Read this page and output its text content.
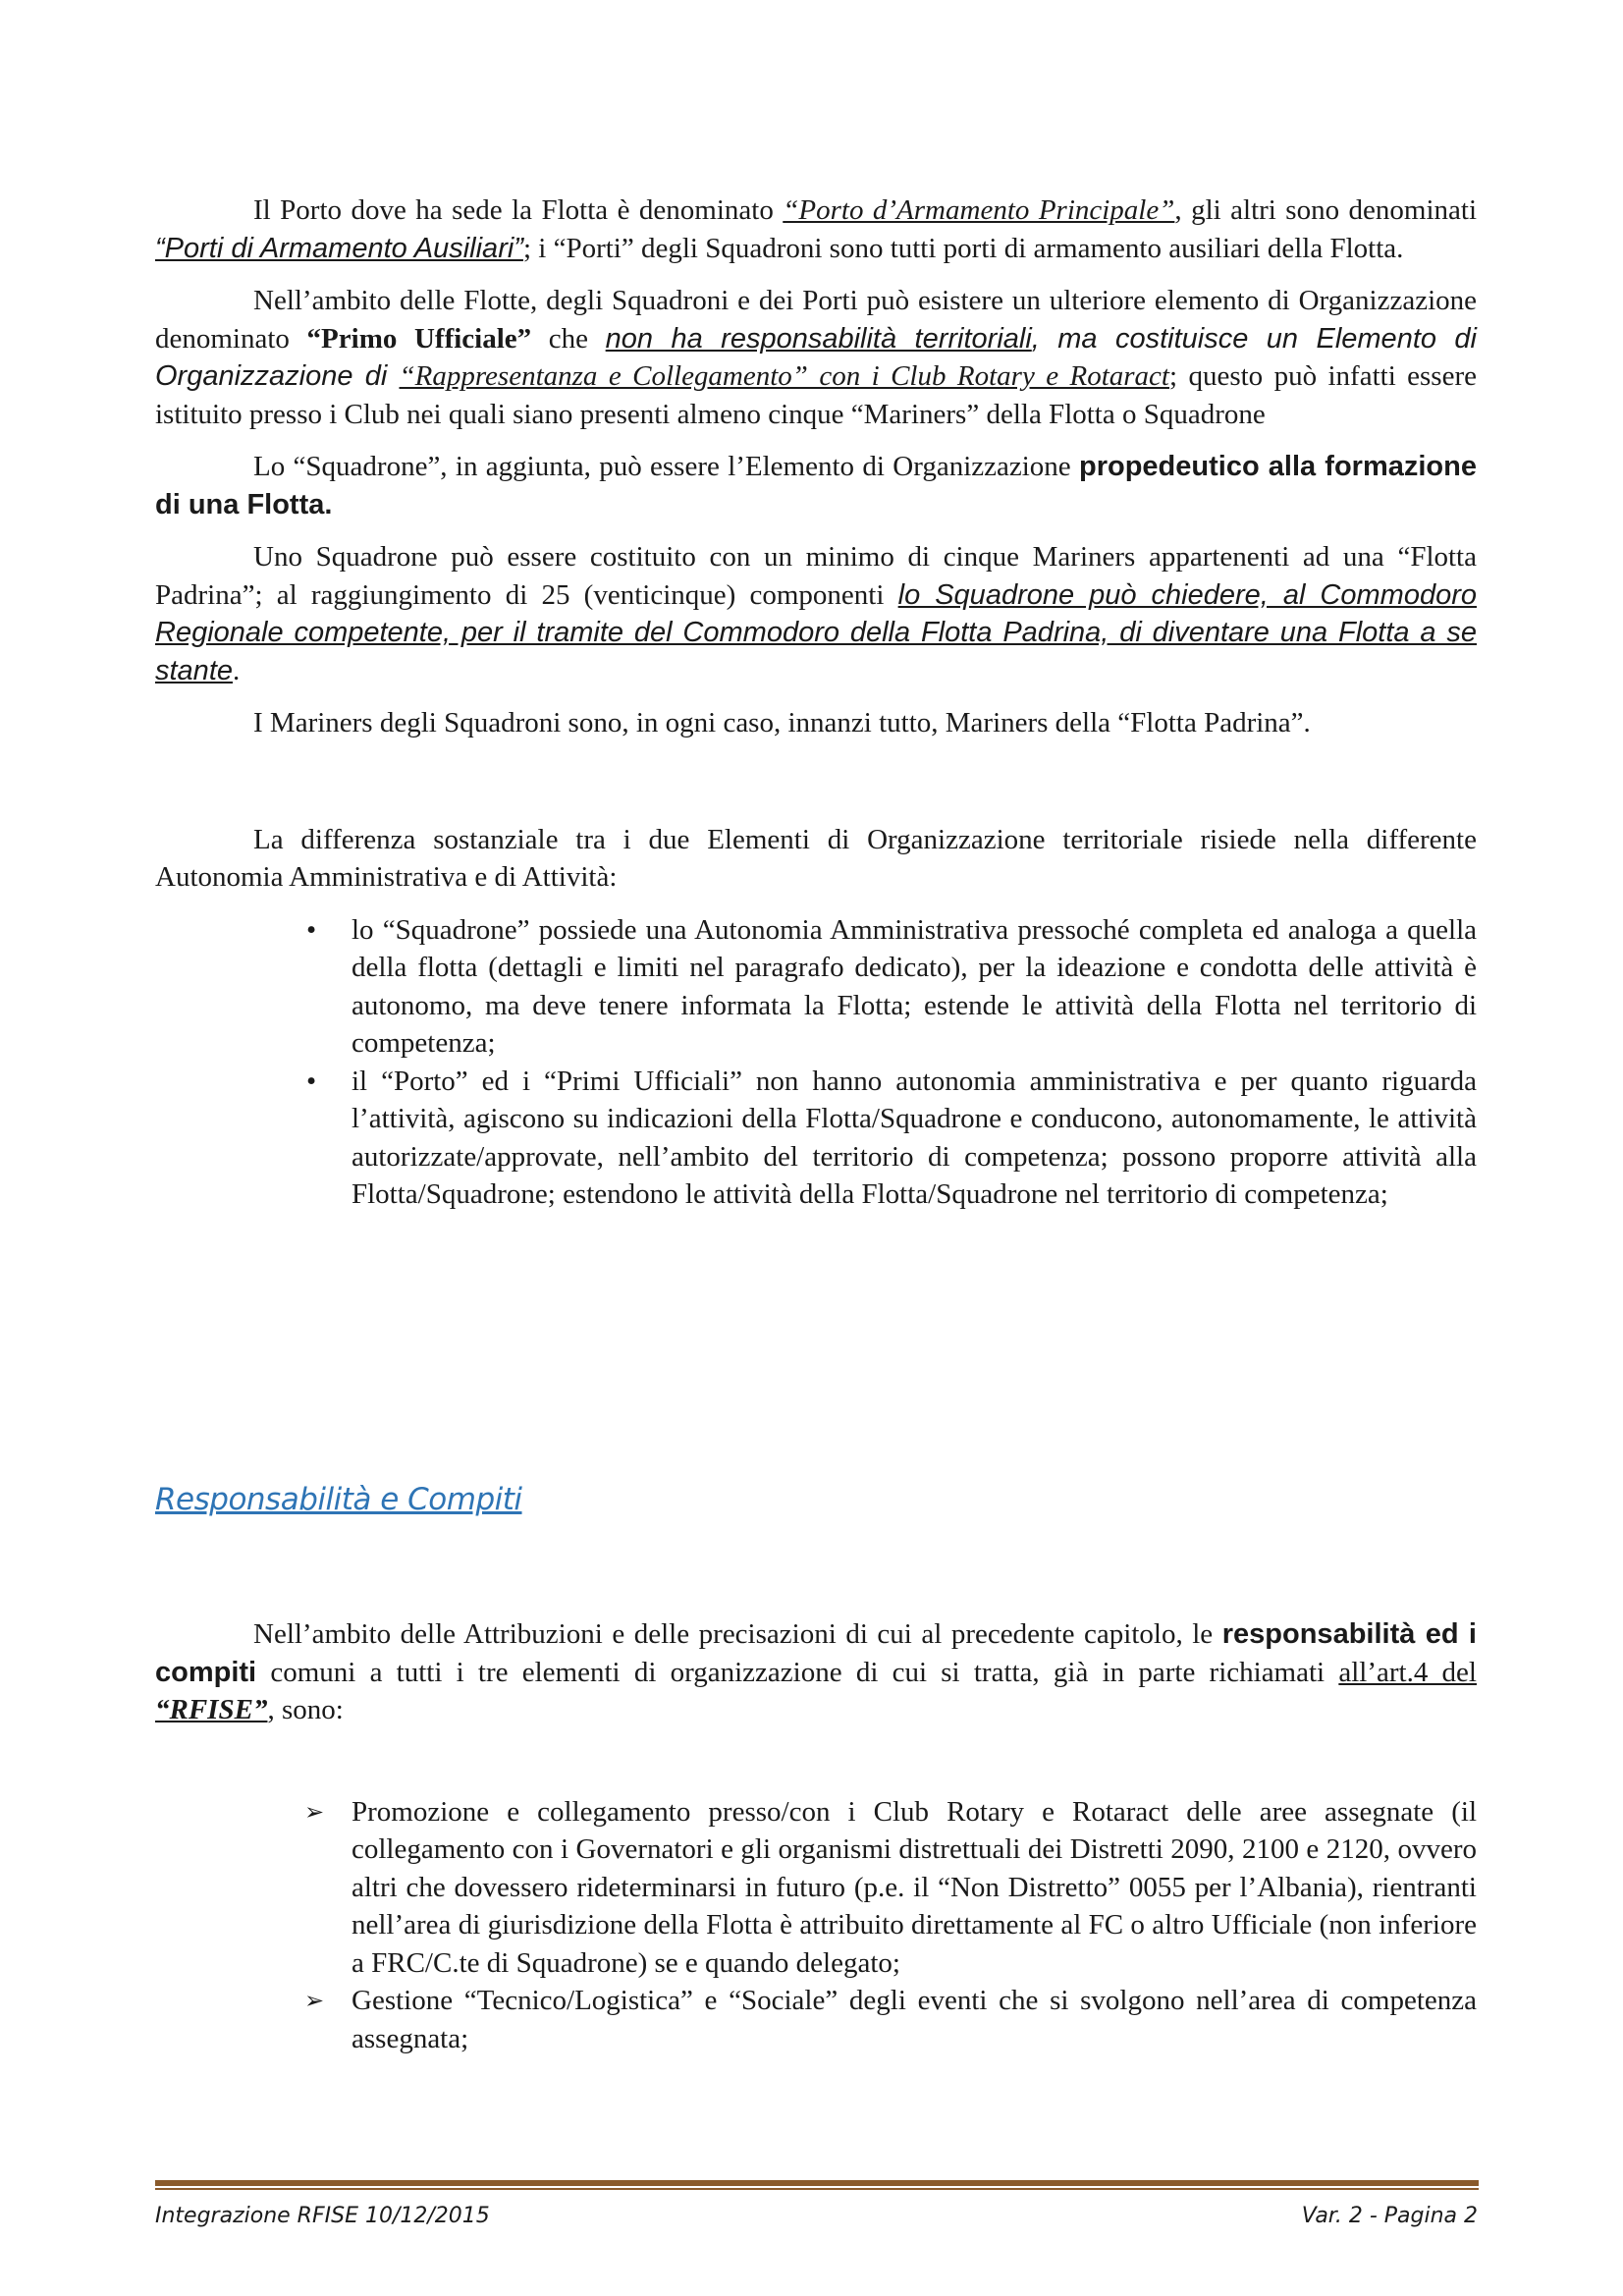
Il Porto dove ha sede la Flotta è denominato “Porto d’Armamento Principale”, gli altri sono denominati “Porti di Armamento Ausiliari”; i “Porti” degli Squadroni sono tutti porti di armamento ausiliari della Flotta.

Nell’ambito delle Flotte, degli Squadroni e dei Porti può esistere un ulteriore elemento di Organizzazione denominato “Primo Ufficiale” che non ha responsabilità territoriali, ma costituisce un Elemento di Organizzazione di “Rappresentanza e Collegamento” con i Club Rotary e Rotaract; questo può infatti essere istituito presso i Club nei quali siano presenti almeno cinque “Mariners” della Flotta o Squadrone

Lo “Squadrone”, in aggiunta, può essere l’Elemento di Organizzazione propedeutico alla formazione di una Flotta.

Uno Squadrone può essere costituito con un minimo di cinque Mariners appartenenti ad una “Flotta Padrina”; al raggiungimento di 25 (venticinque) componenti lo Squadrone può chiedere, al Commodoro Regionale competente, per il tramite del Commodoro della Flotta Padrina, di diventare una Flotta a se stante.

I Mariners degli Squadroni sono, in ogni caso, innanzi tutto, Mariners della “Flotta Padrina”.

La differenza sostanziale tra i due Elementi di Organizzazione territoriale risiede nella differente Autonomia Amministrativa e di Attività:

• lo “Squadrone” possiede una Autonomia Amministrativa pressoché completa ed analoga a quella della flotta (dettagli e limiti nel paragrafo dedicato), per la ideazione e condotta delle attività è autonomo, ma deve tenere informata la Flotta; estende le attività della Flotta nel territorio di competenza;
• il “Porto” ed i “Primi Ufficiali” non hanno autonomia amministrativa e per quanto riguarda l’attività, agiscono su indicazioni della Flotta/Squadrone e conducono, autonomamente, le attività autorizzate/approvate, nell’ambito del territorio di competenza; possono proporre attività alla Flotta/Squadrone; estendono le attività della Flotta/Squadrone nel territorio di competenza;
Responsabilità e Compiti

Nell’ambito delle Attribuzioni e delle precisazioni di cui al precedente capitolo, le responsabilità ed i compiti comuni a tutti i tre elementi di organizzazione di cui si tratta, già in parte richiamati all’art.4 del “RFISE”, sono:

➢ Promozione e collegamento presso/con i Club Rotary e Rotaract delle aree assegnate (il collegamento con i Governatori e gli organismi distrettuali dei Distretti 2090, 2100 e 2120, ovvero altri che dovessero rideterminarsi in futuro (p.e. il “Non Distretto” 0055 per l’Albania), rientranti nell’area di giurisdizione della Flotta è attribuito direttamente al FC o altro Ufficiale (non inferiore a FRC/C.te di Squadrone) se e quando delegato;
➢ Gestione “Tecnico/Logistica” e “Sociale” degli eventi che si svolgono nell’area di competenza assegnata;
Integrazione RFISE 10/12/2015	Var. 2 - Pagina 2
